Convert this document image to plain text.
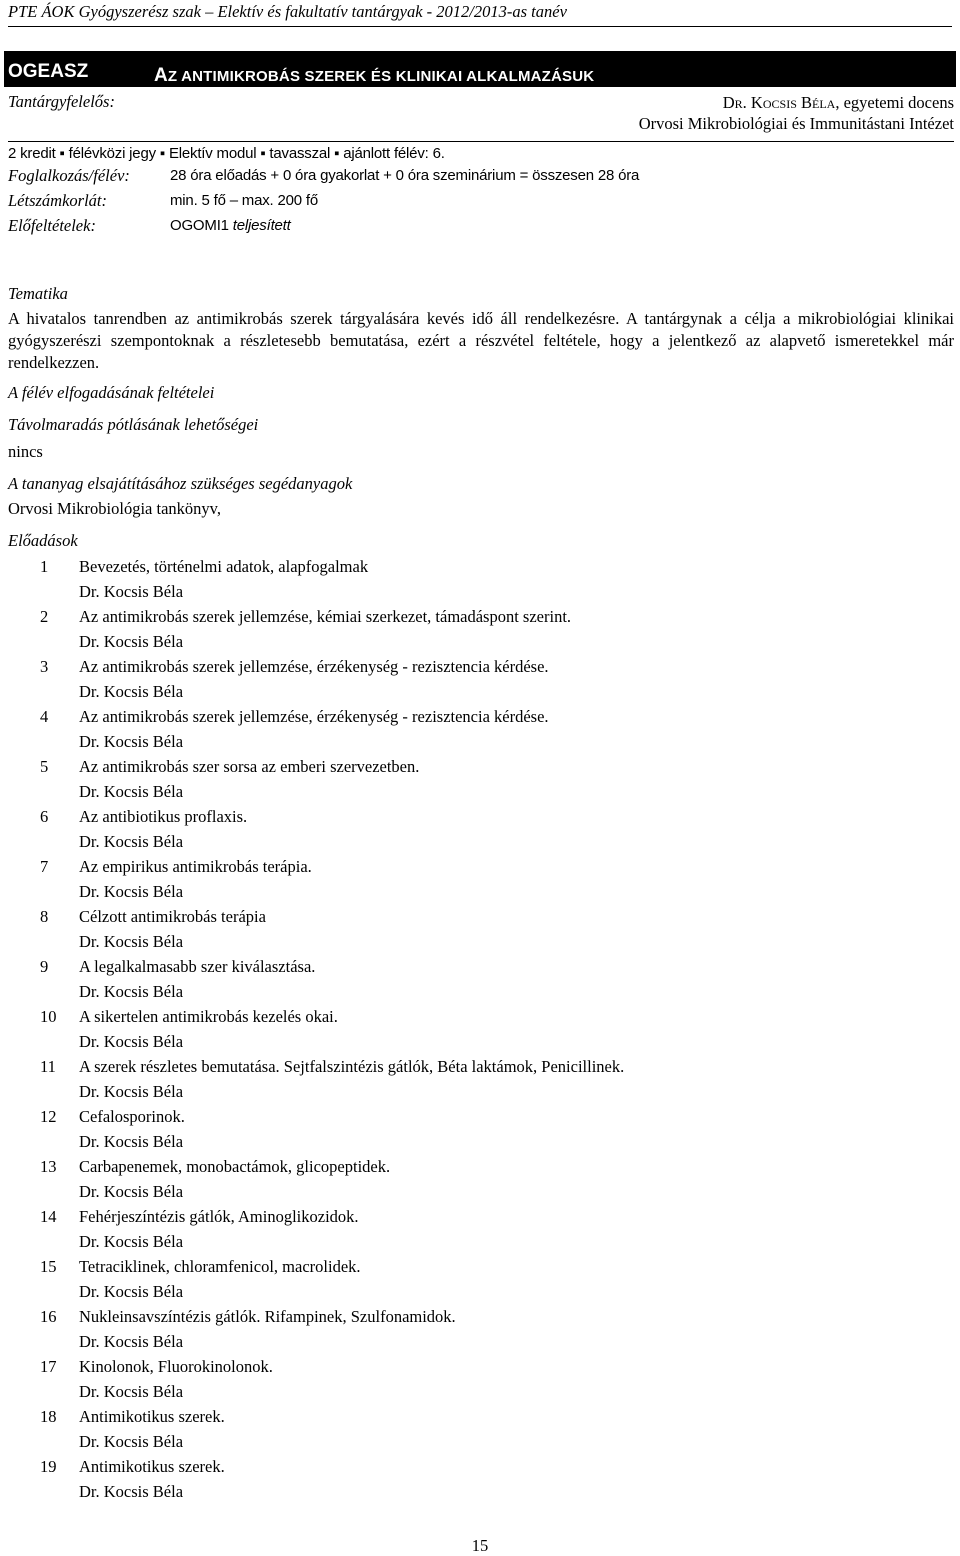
PTE ÁOK Gyógyszerész szak – Elektív és fakultatív tantárgyak - 2012/2013-as tanév
OGEASZ	AZ ANTIMIKROBÁS SZEREK ÉS KLINIKAI ALKALMAZÁSUK
Tantárgyfelelős:	Dr. Kocsis Béla, egyetemi docens
Orvosi Mikrobiológiai és Immunitástani Intézet
2 kredit ▪ félévközi jegy ▪ Elektív modul ▪ tavasszal ▪ ajánlott félév: 6.
Foglalkozás/félév:	28 óra előadás + 0 óra gyakorlat + 0 óra szeminárium = összesen 28 óra
Létszámkorlát:	min. 5 fő – max. 200 fő
Előfeltételek:	OGOMI1 teljesített
Tematika
A hivatalos tanrendben az antimikrobás szerek tárgyalására kevés idő áll rendelkezésre. A tantárgynak a célja a mikrobiológiai klinikai gyógyszerészi szempontoknak a részletesebb bemutatása, ezért a részvétel feltétele, hogy a jelentkező az alapvető ismeretekkel már rendelkezzen.
A félév elfogadásának feltételei
Távolmaradás pótlásának lehetőségei
nincs
A tananyag elsajátításához szükséges segédanyagok
Orvosi Mikrobiológia tankönyv,
Előadások
1 Bevezetés, történelmi adatok, alapfogalmak
Dr. Kocsis Béla
2 Az antimikrobás szerek jellemzése, kémiai szerkezet, támadáspont szerint.
Dr. Kocsis Béla
3 Az antimikrobás szerek jellemzése, érzékenység - rezisztencia kérdése.
Dr. Kocsis Béla
4 Az antimikrobás szerek jellemzése, érzékenység - rezisztencia kérdése.
Dr. Kocsis Béla
5 Az antimikrobás szer sorsa az emberi szervezetben.
Dr. Kocsis Béla
6 Az antibiotikus proflaxis.
Dr. Kocsis Béla
7 Az empirikus antimikrobás terápia.
Dr. Kocsis Béla
8 Célzott antimikrobás terápia
Dr. Kocsis Béla
9 A legalkalmasabb szer kiválasztása.
Dr. Kocsis Béla
10 A sikertelen antimikrobás kezelés okai.
Dr. Kocsis Béla
11 A szerek részletes bemutatása. Sejtfalszintézis gátlók, Béta laktámok, Penicillinek.
Dr. Kocsis Béla
12 Cefalosporinok.
Dr. Kocsis Béla
13 Carbapenemek, monobactámok, glicopeptidek.
Dr. Kocsis Béla
14 Fehérjeszíntézis gátlók, Aminoglikozidok.
Dr. Kocsis Béla
15 Tetraciklinek, chloramfenicol, macrolidek.
Dr. Kocsis Béla
16 Nukleinsavszíntézis gátlók. Rifampinek, Szulfonamidok.
Dr. Kocsis Béla
17 Kinolonok, Fluorokinolonok.
Dr. Kocsis Béla
18 Antimikotikus szerek.
Dr. Kocsis Béla
19 Antimikotikus szerek.
Dr. Kocsis Béla
15
